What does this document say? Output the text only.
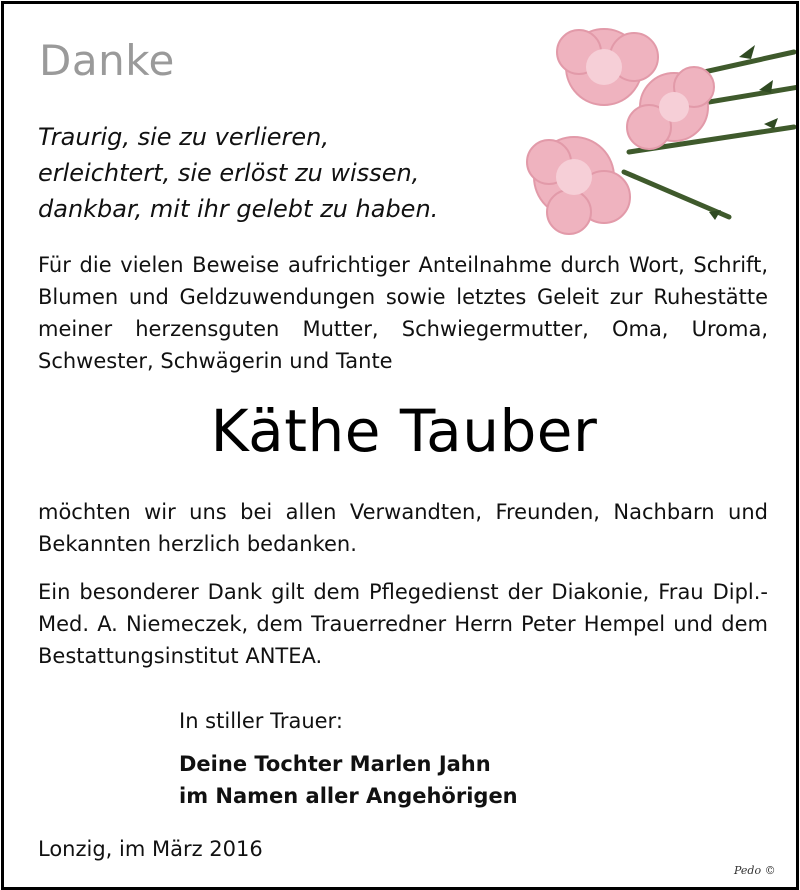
Danke
Traurig, sie zu verlieren,
erleichtert, sie erlöst zu wissen,
dankbar, mit ihr gelebt zu haben.
Für die vielen Beweise aufrichtiger Anteilnahme durch Wort, Schrift, Blumen und Geldzuwendungen sowie letztes Geleit zur Ruhestätte meiner herzensguten Mutter, Schwiegermutter, Oma, Uroma, Schwester, Schwägerin und Tante
Käthe Tauber
möchten wir uns bei allen Verwandten, Freunden, Nachbarn und Bekannten herzlich bedanken.
Ein besonderer Dank gilt dem Pflegedienst der Diakonie, Frau Dipl.-Med. A. Niemeczek, dem Trauerredner Herrn Peter Hempel und dem Bestattungsinstitut ANTEA.
In stiller Trauer:
Deine Tochter Marlen Jahn
im Namen aller Angehörigen
Lonzig, im März 2016
Pedo ©
